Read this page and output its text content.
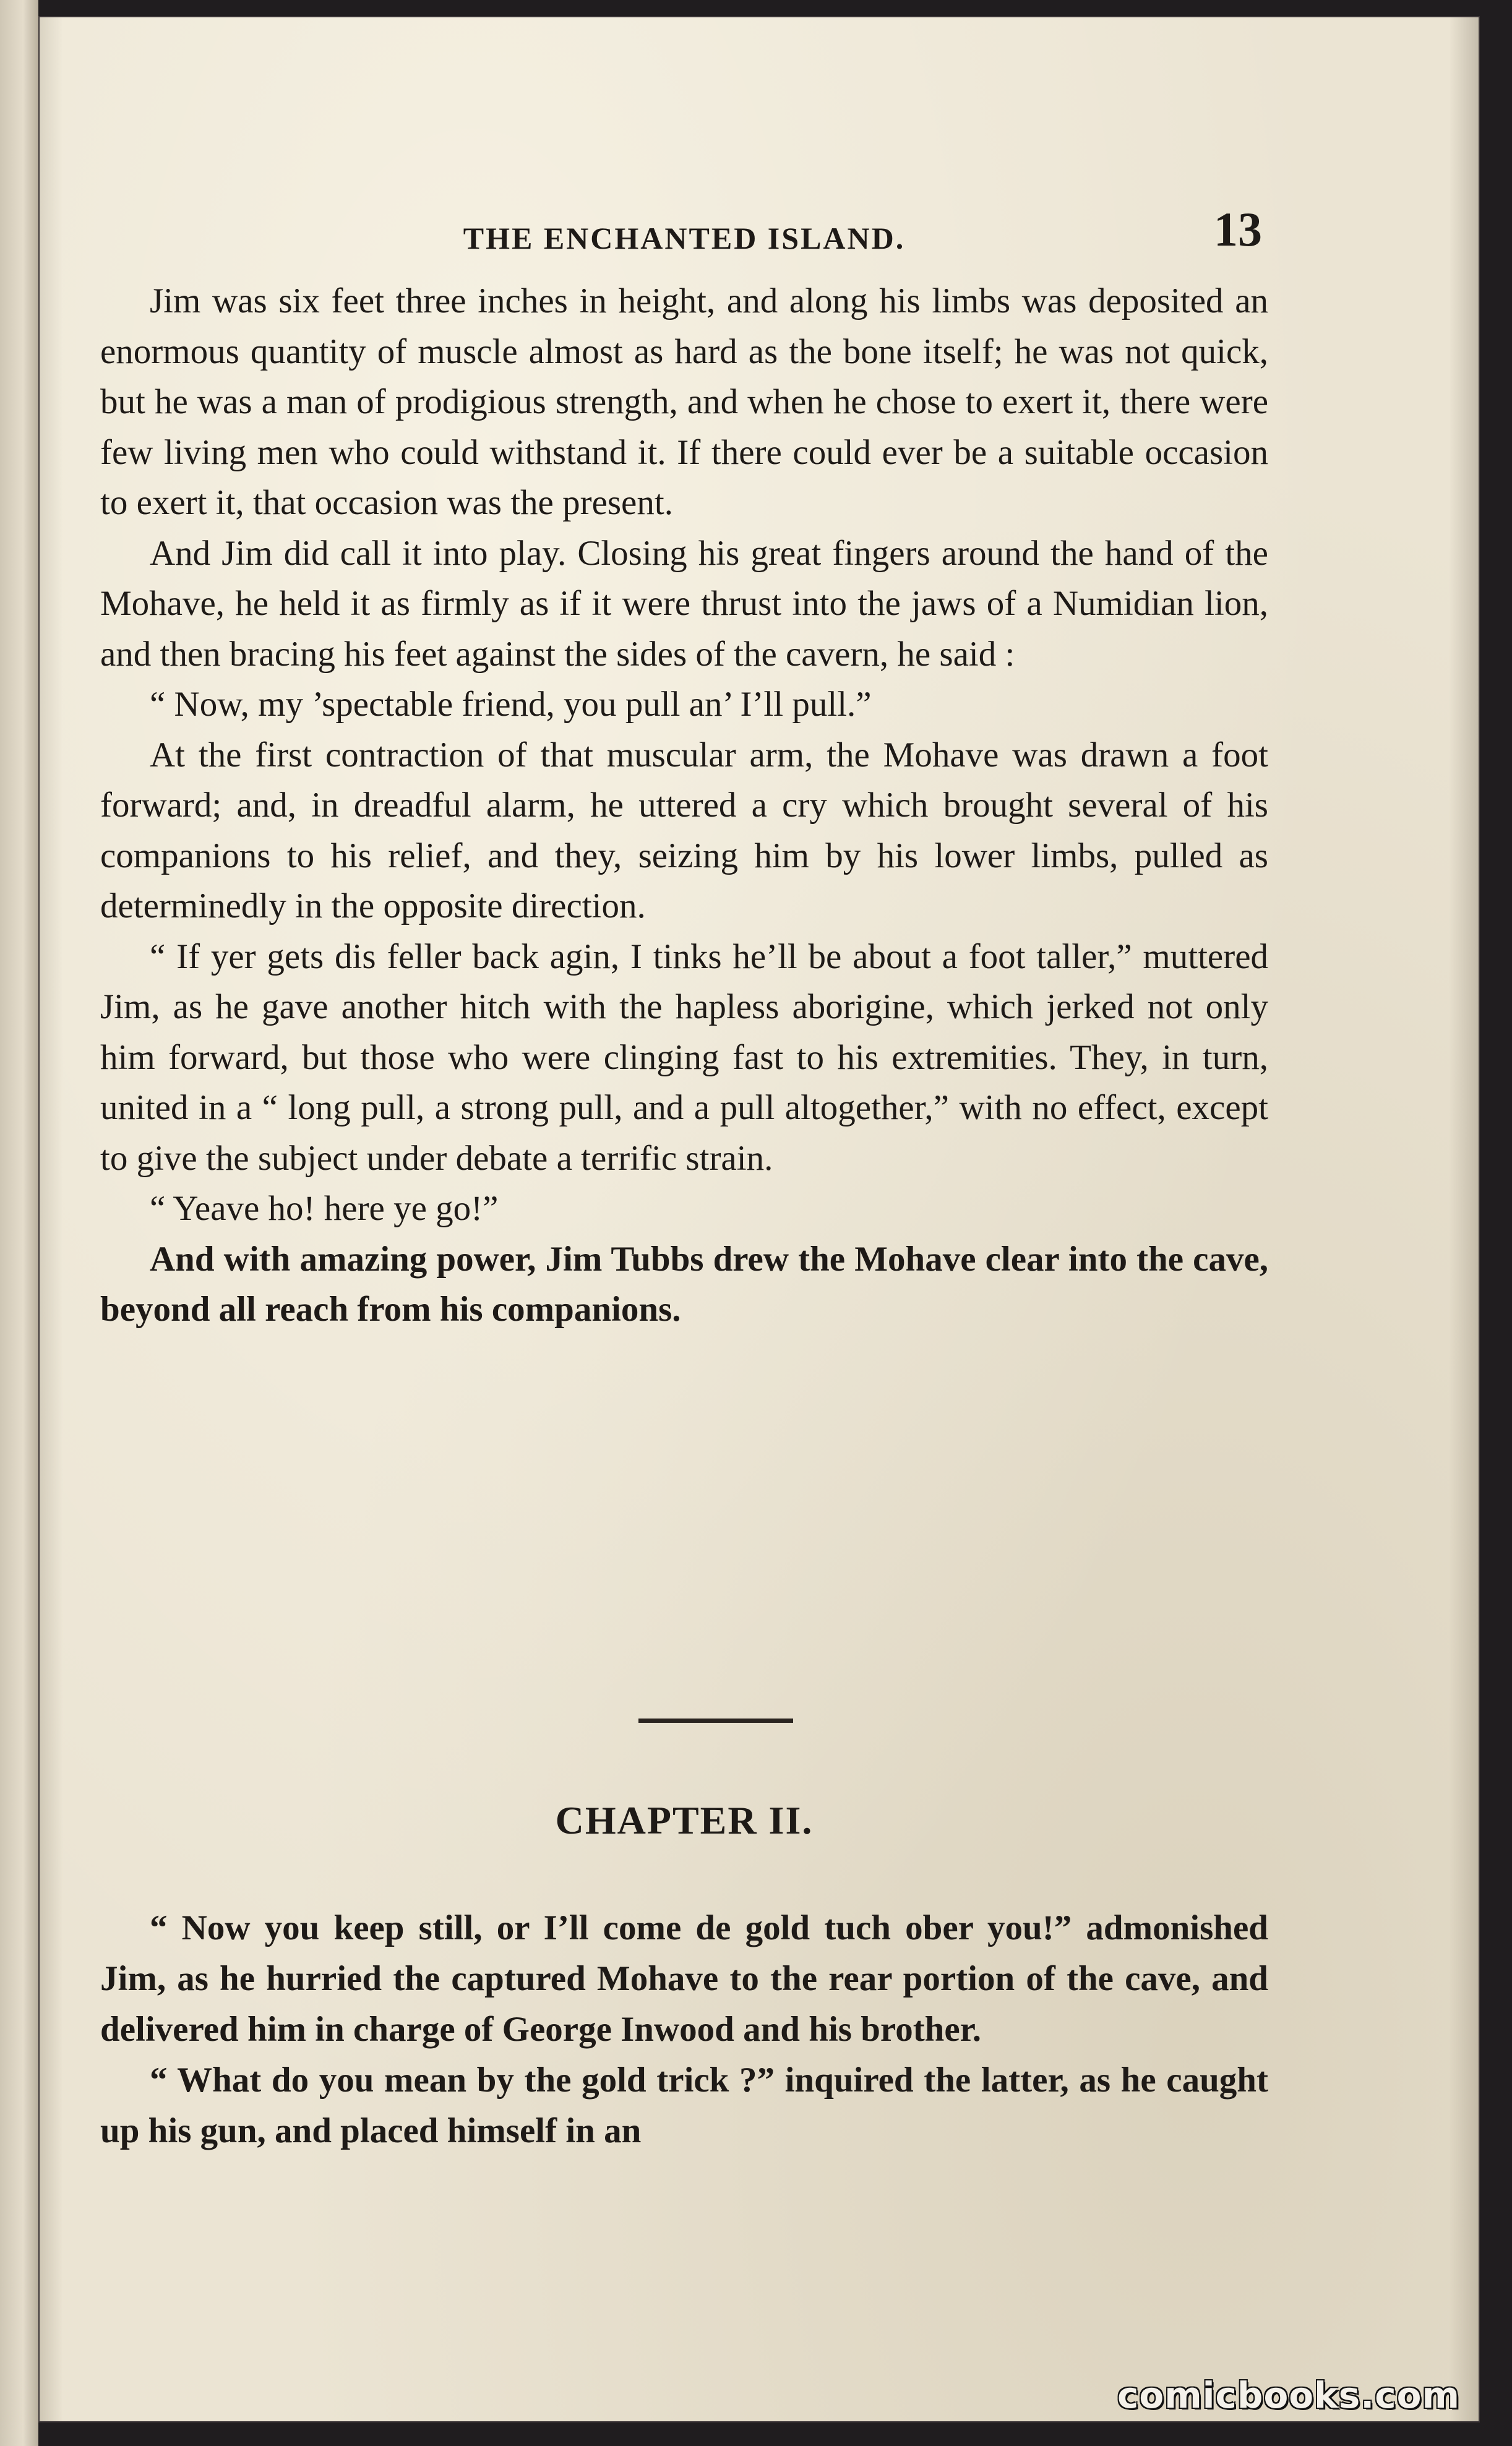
THE ENCHANTED ISLAND.	13

Jim was six feet three inches in height, and along his limbs was deposited an enormous quantity of muscle almost as hard as the bone itself; he was not quick, but he was a man of prodigious strength, and when he chose to exert it, there were few living men who could withstand it. If there could ever be a suitable occasion to exert it, that occasion was the present.

And Jim did call it into play. Closing his great fingers around the hand of the Mohave, he held it as firmly as if it were thrust into the jaws of a Numidian lion, and then bracing his feet against the sides of the cavern, he said :

“ Now, my ’spectable friend, you pull an’ I’ll pull.”

At the first contraction of that muscular arm, the Mohave was drawn a foot forward; and, in dreadful alarm, he uttered a cry which brought several of his companions to his relief, and they, seizing him by his lower limbs, pulled as determinedly in the opposite direction.

“ If yer gets dis feller back agin, I tinks he’ll be about a foot taller,” muttered Jim, as he gave another hitch with the hapless aborigine, which jerked not only him forward, but those who were clinging fast to his extremities. They, in turn, united in a “ long pull, a strong pull, and a pull altogether,” with no effect, except to give the subject under debate a terrific strain.

“ Yeave ho! here ye go!”

And with amazing power, Jim Tubbs drew the Mohave clear into the cave, beyond all reach from his companions.

CHAPTER II.

“ Now you keep still, or I’ll come de gold tuch ober you!” admonished Jim, as he hurried the captured Mohave to the rear portion of the cave, and delivered him in charge of George Inwood and his brother.

“ What do you mean by the gold trick ?” inquired the latter, as he caught up his gun, and placed himself in an

comicbooks.com
